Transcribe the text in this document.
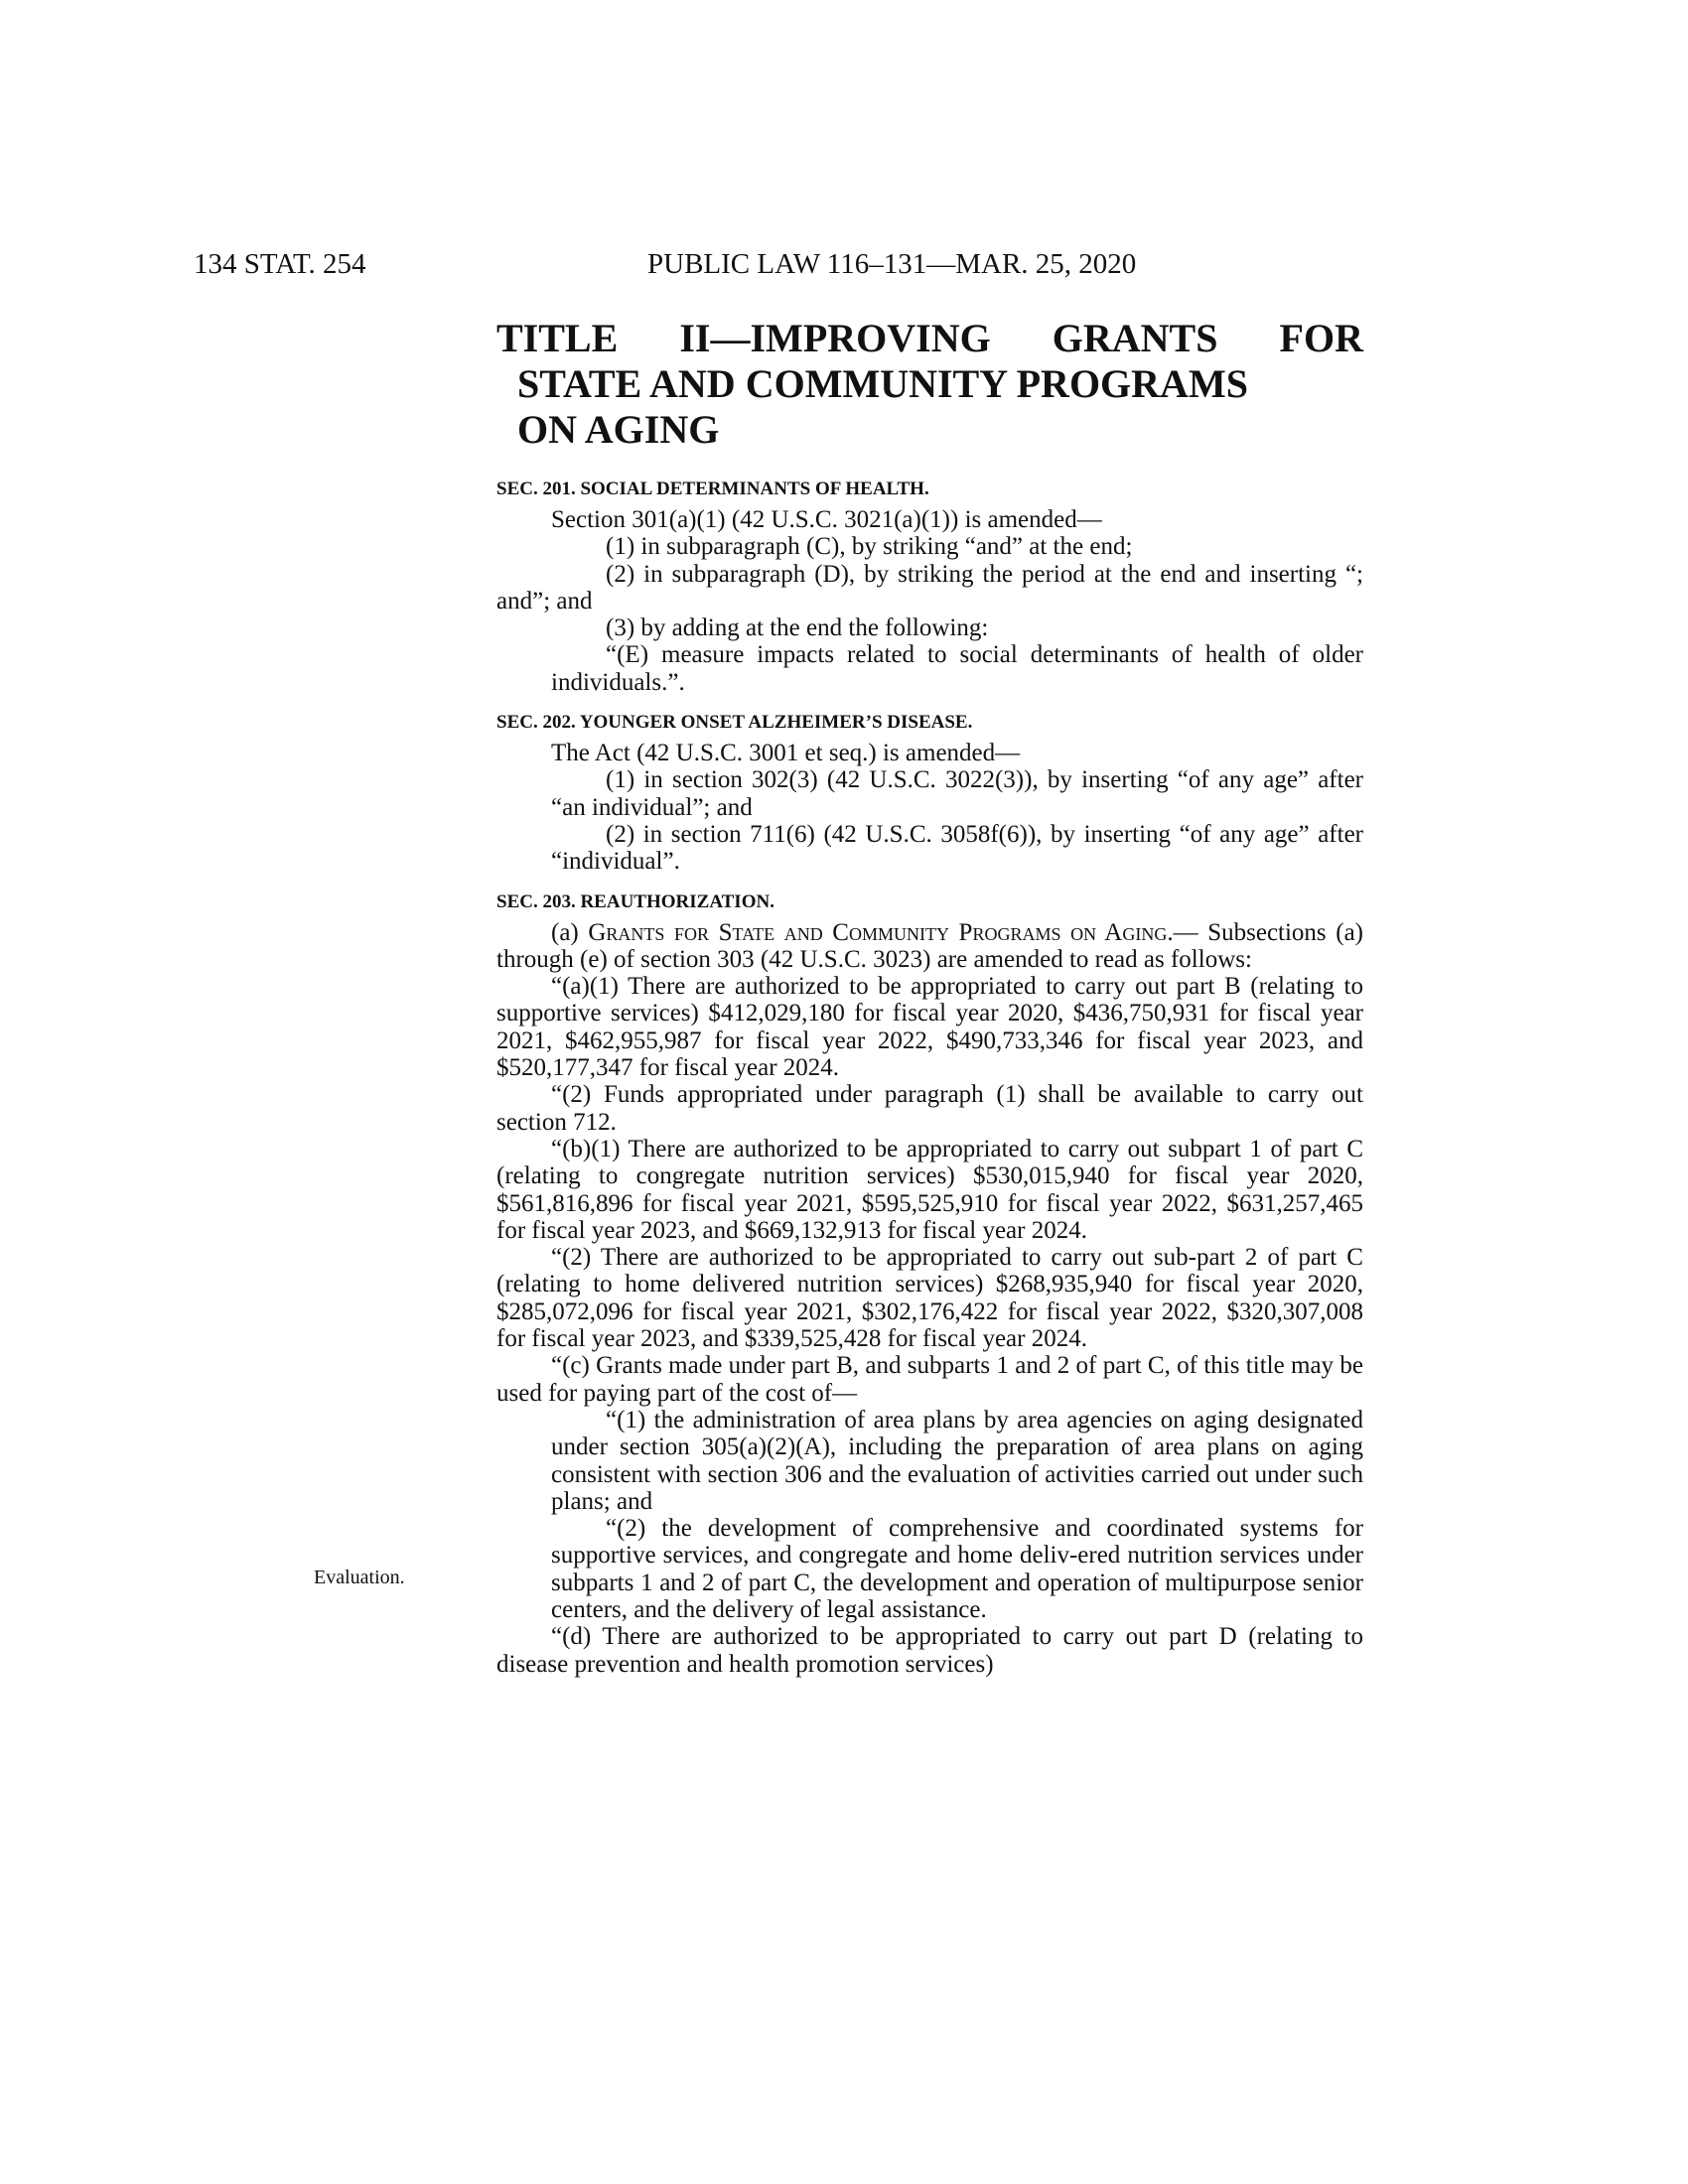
134 STAT. 254	PUBLIC LAW 116–131—MAR. 25, 2020
TITLE II—IMPROVING GRANTS FOR
STATE AND COMMUNITY PROGRAMS
ON AGING
SEC. 201. SOCIAL DETERMINANTS OF HEALTH.

Section 301(a)(1) (42 U.S.C. 3021(a)(1)) is amended—

(1) in subparagraph (C), by striking “and” at the end;

(2) in subparagraph (D), by striking the period at the end and inserting “; and”; and

(3) by adding at the end the following:

“(E) measure impacts related to social determinants of health of older individuals.”.

SEC. 202. YOUNGER ONSET ALZHEIMER’S DISEASE.

The Act (42 U.S.C. 3001 et seq.) is amended—

(1) in section 302(3) (42 U.S.C. 3022(3)), by inserting “of any age” after “an individual”; and

(2) in section 711(6) (42 U.S.C. 3058f(6)), by inserting “of any age” after “individual”.

SEC. 203. REAUTHORIZATION.

(a) Grants for State and Community Programs on Aging.— Subsections (a) through (e) of section 303 (42 U.S.C. 3023) are amended to read as follows:

“(a)(1) There are authorized to be appropriated to carry out part B (relating to supportive services) $412,029,180 for fiscal year 2020, $436,750,931 for fiscal year 2021, $462,955,987 for fiscal year 2022, $490,733,346 for fiscal year 2023, and $520,177,347 for fiscal year 2024.

“(2) Funds appropriated under paragraph (1) shall be available to carry out section 712.

“(b)(1) There are authorized to be appropriated to carry out subpart 1 of part C (relating to congregate nutrition services) $530,015,940 for fiscal year 2020, $561,816,896 for fiscal year 2021, $595,525,910 for fiscal year 2022, $631,257,465 for fiscal year 2023, and $669,132,913 for fiscal year 2024.

“(2) There are authorized to be appropriated to carry out sub-part 2 of part C (relating to home delivered nutrition services) $268,935,940 for fiscal year 2020, $285,072,096 for fiscal year 2021, $302,176,422 for fiscal year 2022, $320,307,008 for fiscal year 2023, and $339,525,428 for fiscal year 2024.

“(c) Grants made under part B, and subparts 1 and 2 of part C, of this title may be used for paying part of the cost of—

“(1) the administration of area plans by area agencies on aging designated under section 305(a)(2)(A), including the preparation of area plans on aging consistent with section 306 and the evaluation of activities carried out under such plans; and

“(2) the development of comprehensive and coordinated systems for supportive services, and congregate and home deliv-ered nutrition services under subparts 1 and 2 of part C, the development and operation of multipurpose senior centers, and the delivery of legal assistance.

“(d) There are authorized to be appropriated to carry out part D (relating to disease prevention and health promotion services)

Evaluation.
